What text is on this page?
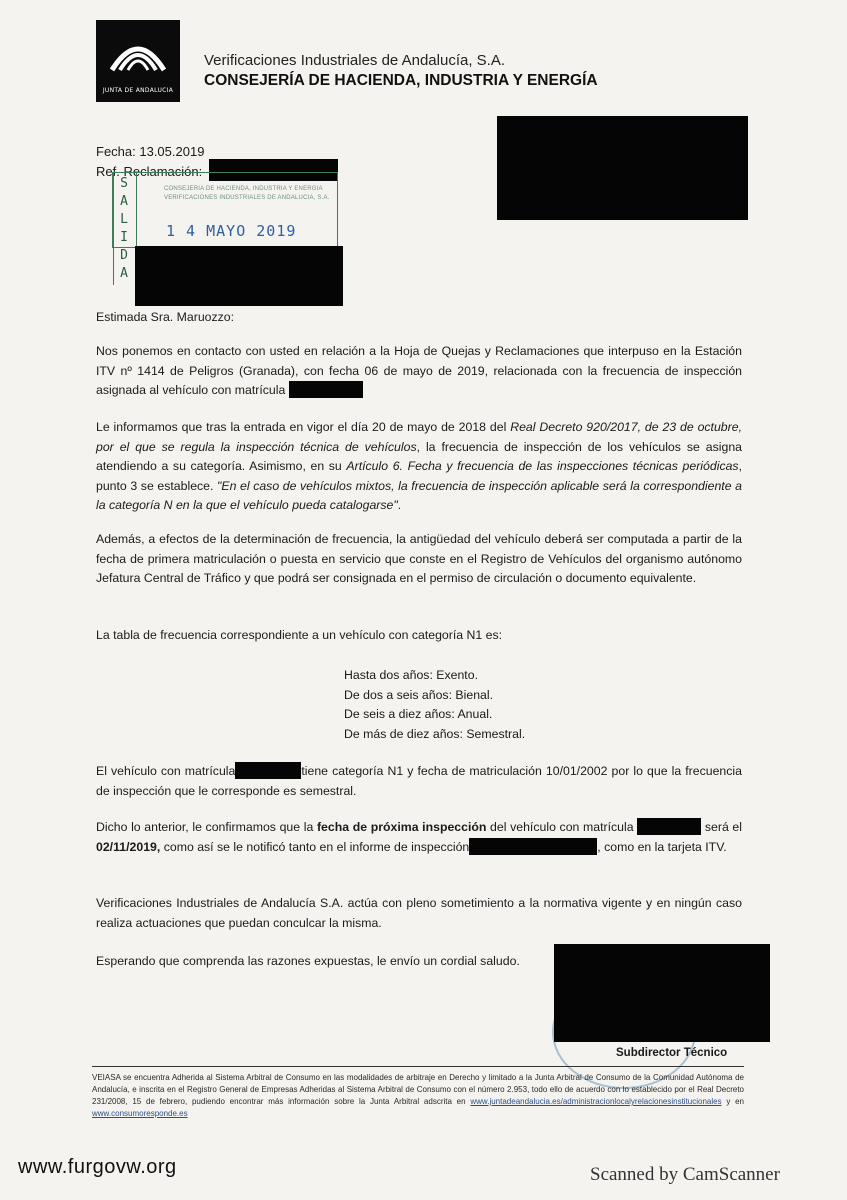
JUNTA DE ANDALUCIA
Verificaciones Industriales de Andalucía, S.A.
CONSEJERÍA DE HACIENDA, INDUSTRIA Y ENERGÍA
Fecha: 13.05.2019
Ref. Reclamación:
S
A
L
I
D
A
CONSEJERIA DE HACIENDA, INDUSTRIA Y ENERGIA
VERIFICACIONES INDUSTRIALES DE ANDALUCIA, S.A.
1 4 MAYO 2019
Estimada Sra. Maruozzo:
Nos ponemos en contacto con usted en relación a la Hoja de Quejas y Reclamaciones que interpuso en la Estación ITV nº 1414 de Peligros (Granada), con fecha 06 de mayo de 2019, relacionada con la frecuencia de inspección asignada al vehículo con matrícula
Le informamos que tras la entrada en vigor el día 20 de mayo de 2018 del Real Decreto 920/2017, de 23 de octubre, por el que se regula la inspección técnica de vehículos, la frecuencia de inspección de los vehículos se asigna atendiendo a su categoría. Asimismo, en su Artículo 6. Fecha y frecuencia de las inspecciones técnicas periódicas, punto 3 se establece. "En el caso de vehículos mixtos, la frecuencia de inspección aplicable será la correspondiente a la categoría N en la que el vehículo pueda catalogarse".
Además, a efectos de la determinación de frecuencia, la antigüedad del vehículo deberá ser computada a partir de la fecha de primera matriculación o puesta en servicio que conste en el Registro de Vehículos del organismo autónomo Jefatura Central de Tráfico y que podrá ser consignada en el permiso de circulación o documento equivalente.
La tabla de frecuencia correspondiente a un vehículo con categoría N1 es:
Hasta dos años: Exento.
De dos a seis años: Bienal.
De seis a diez años: Anual.
De más de diez años: Semestral.
El vehículo con matrícula	tiene categoría N1 y fecha de matriculación 10/01/2002 por lo que la frecuencia de inspección que le corresponde es semestral.
Dicho lo anterior, le confirmamos que la fecha de próxima inspección del vehículo con matrícula	será el 02/11/2019, como así se le notificó tanto en el informe de inspección	, como en la tarjeta ITV.
Verificaciones Industriales de Andalucía S.A. actúa con pleno sometimiento a la normativa vigente y en ningún caso realiza actuaciones que puedan conculcar la misma.
Esperando que comprenda las razones expuestas, le envío un cordial saludo.
Subdirector Técnico
VEIASA se encuentra Adherida al Sistema Arbitral de Consumo en las modalidades de arbitraje en Derecho y limitado a la Junta Arbitral de Consumo de la Comunidad Autónoma de Andalucía, e inscrita en el Registro General de Empresas Adheridas al Sistema Arbitral de Consumo con el número 2.953, todo ello de acuerdo con lo establecido por el Real Decreto 231/2008, 15 de febrero, pudiendo encontrar más información sobre la Junta Arbitral adscrita en www.juntadeandalucia.es/administracionlocalyrelacionesinstitucionales y en www.consumoresponde.es
www.furgovw.org	Scanned by CamScanner
